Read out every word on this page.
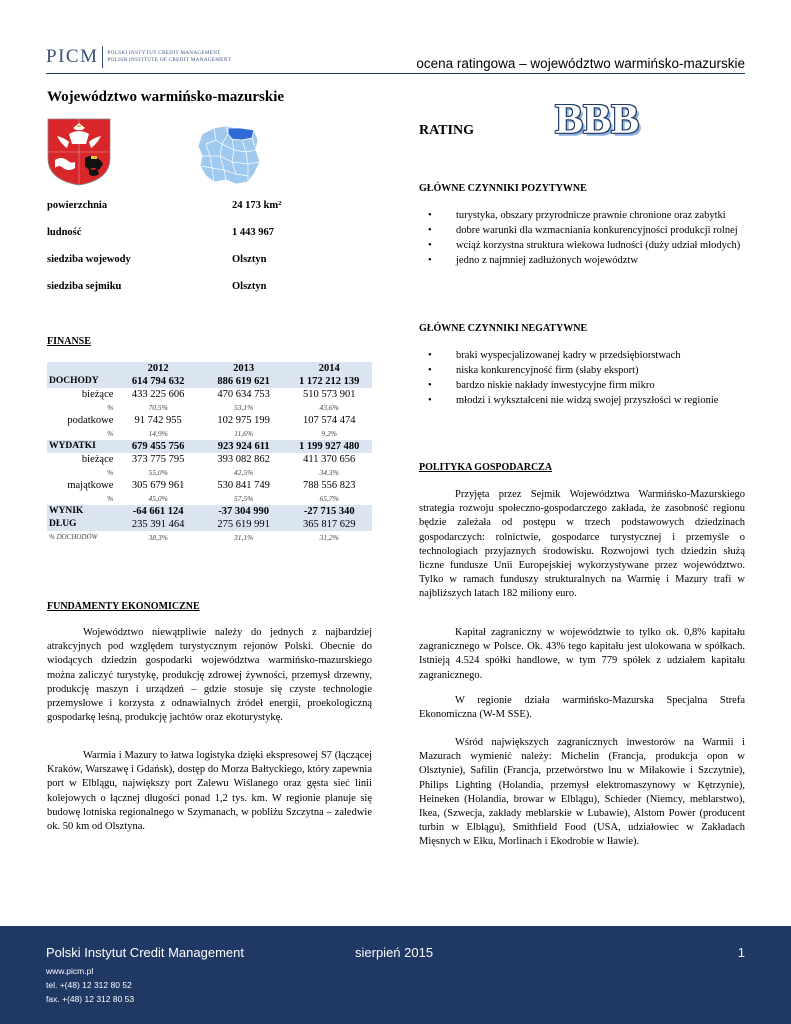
PICM POLSKI INSTYTUT CREDIT MANAGEMENT
POLISH INSTITUTE OF CREDIT MANAGEMENT	ocena ratingowa – województwo warmińsko-mazurskie
Województwo warmińsko-mazurskie
powierzchnia	24 173 km²
ludność	1 443 967
siedziba wojewody	Olsztyn
siedziba sejmiku	Olsztyn
FINANSE
	2012	2013	2014
DOCHODY	614 794 632	886 619 621	1 172 212 139
bieżące	433 225 606	470 634 753	510 573 901
%	70,5%	53,1%	43,6%
podatkowe	91 742 955	102 975 199	107 574 474
%	14,9%	11,6%	9,2%
WYDATKI	679 455 756	923 924 611	1 199 927 480
bieżące	373 775 795	393 082 862	411 370 656
%	55,0%	42,5%	34,3%
majątkowe	305 679 961	530 841 749	788 556 823
%	45,0%	57,5%	65,7%
WYNIK	-64 661 124	-37 304 990	-27 715 340
DŁUG	235 391 464	275 619 991	365 817 629
% DOCHODÓW	38,3%	31,1%	31,2%
FUNDAMENTY EKONOMICZNE

Województwo niewątpliwie należy do jednych z najbardziej atrakcyjnych pod względem turystycznym rejonów Polski. Obecnie do wiodących dziedzin gospodarki województwa warmińsko-mazurskiego można zaliczyć turystykę, produkcję zdrowej żywności, przemysł drzewny, produkcję maszyn i urządzeń – gdzie stosuje się czyste technologie przemysłowe i korzysta z odnawialnych źródeł energii, proekologiczną gospodarkę leśną, produkcję jachtów oraz ekoturystykę.

Warmia i Mazury to łatwa logistyka dzięki ekspresowej S7 (łączącej Kraków, Warszawę i Gdańsk), dostęp do Morza Bałtyckiego, który zapewnia port w Elblągu, największy port Zalewu Wiślanego oraz gęsta sieć linii kolejowych o łącznej długości ponad 1,2 tys. km. W regionie planuje się budowę lotniska regionalnego w Szymanach, w pobliżu Szczytna – zaledwie ok. 50 km od Olsztyna.

RATING BBB
GŁÓWNE CZYNNIKI POZYTYWNE
• turystyka, obszary przyrodnicze prawnie chronione oraz zabytki
• dobre warunki dla wzmacniania konkurencyjności produkcji rolnej
• wciąż korzystna struktura wiekowa ludności (duży udział młodych)
• jedno z najmniej zadłużonych województw
GŁÓWNE CZYNNIKI NEGATYWNE
• braki wyspecjalizowanej kadry w przedsiębiorstwach
• niska konkurencyjność firm (słaby eksport)
• bardzo niskie nakłady inwestycyjne firm mikro
• młodzi i wykształceni nie widzą swojej przyszłości w regionie
POLITYKA GOSPODARCZA

Przyjęta przez Sejmik Województwa Warmińsko-Mazurskiego strategia rozwoju społeczno-gospodarczego zakłada, że zasobność regionu będzie zależała od postępu w trzech podstawowych dziedzinach gospodarczych: rolnictwie, gospodarce turystycznej i przemyśle o technologiach przyjaznych środowisku. Rozwojowi tych dziedzin służą liczne fundusze Unii Europejskiej wykorzystywane przez województwo. Tylko w ramach funduszy strukturalnych na Warmię i Mazury trafi w najbliższych latach 182 miliony euro.

Kapitał zagraniczny w województwie to tylko ok. 0,8% kapitału zagranicznego w Polsce. Ok. 43% tego kapitału jest ulokowana w spółkach. Istnieją 4.524 spółki handlowe, w tym 779 spółek z udziałem kapitału zagranicznego.

W regionie działa warmińsko-Mazurska Specjalna Strefa Ekonomiczna (W-M SSE).

Wśród największych zagranicznych inwestorów na Warmii i Mazurach wymienić należy: Michelin (Francja, produkcja opon w Olsztynie), Safilin (Francja, przetwórstwo lnu w Miłakowie i Szczytnie), Philips Lighting (Holandia, przemysł elektromaszynowy w Kętrzynie), Heineken (Holandia, browar w Elblągu), Schieder (Niemcy, meblarstwo), Ikea, (Szwecja, zakłady meblarskie w Lubawie), Alstom Power (producent turbin w Elblągu), Smithfield Food (USA, udziałowiec w Zakładach Mięsnych w Ełku, Morlinach i Ekodrobie w Iławie).

Polski Instytut Credit Management	sierpień 2015	1
www.picm.pl
tel. +(48) 12 312 80 52
fax. +(48) 12 312 80 53
